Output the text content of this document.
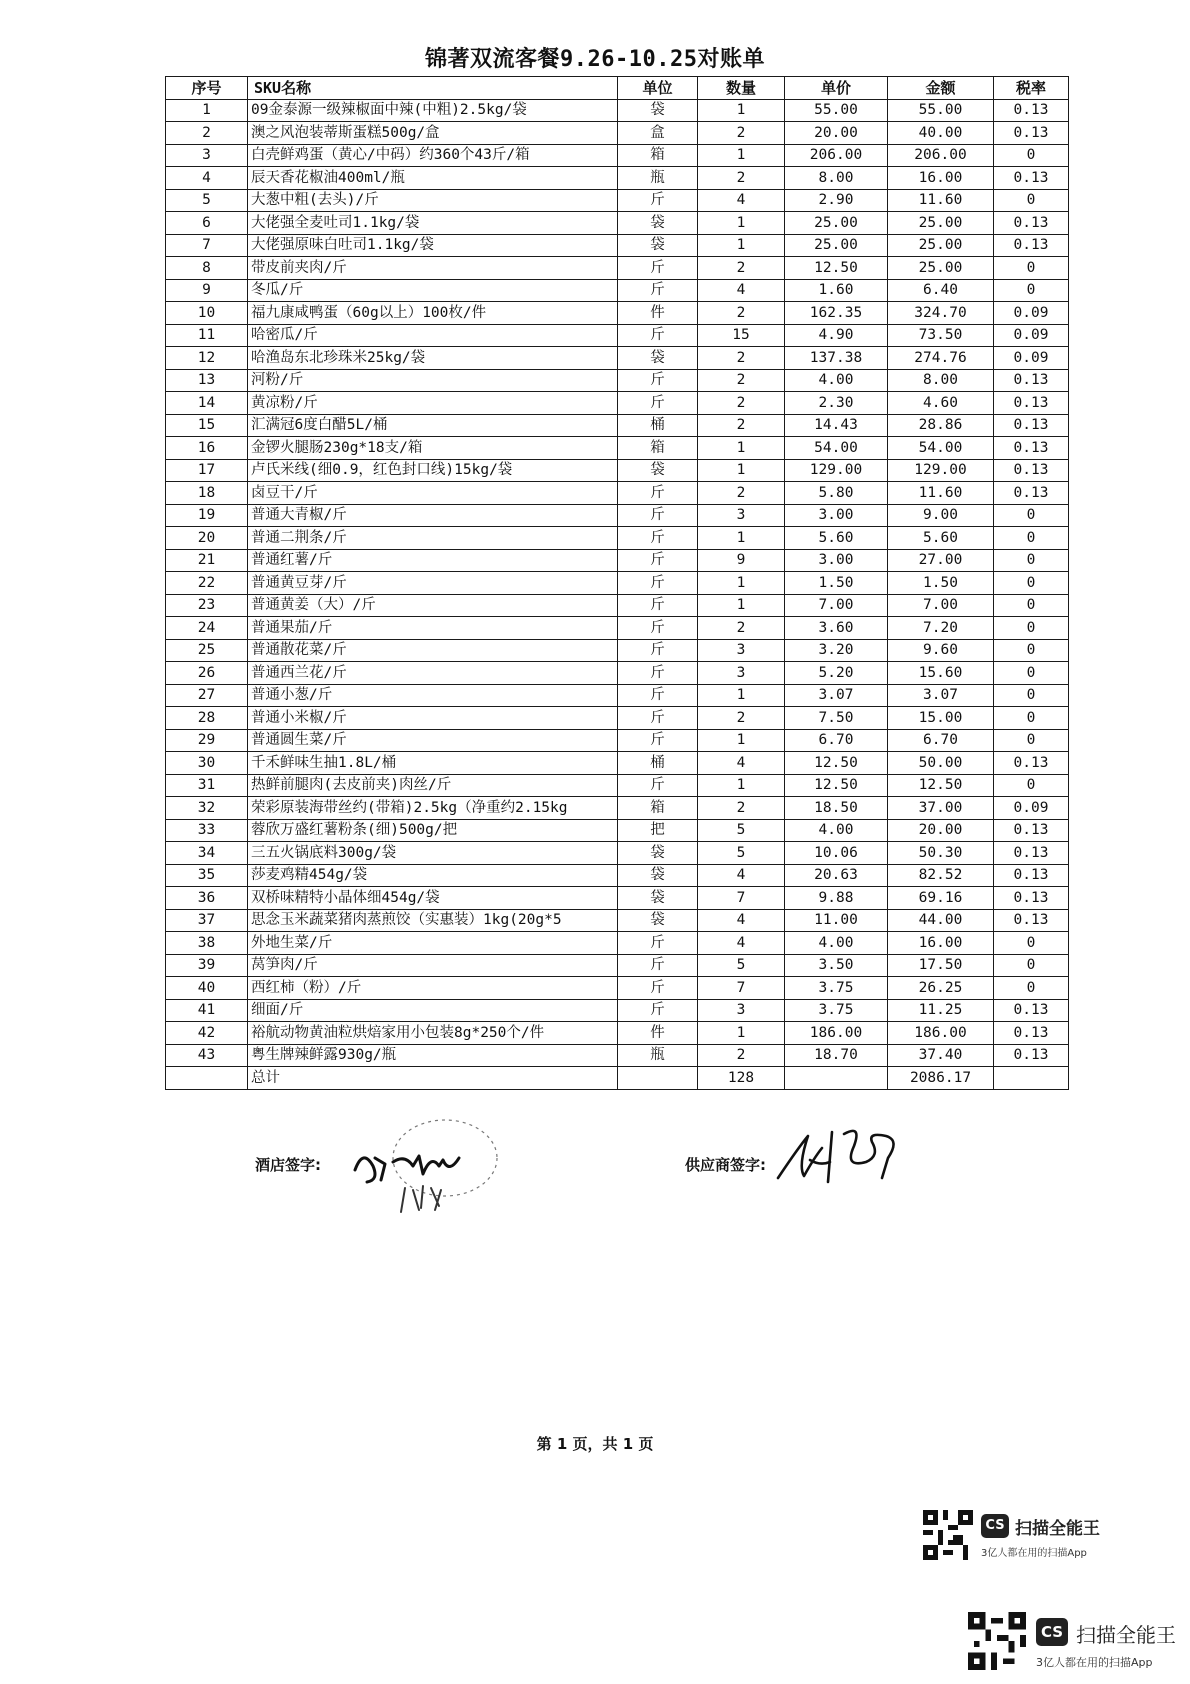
锦著双流客餐9.26-10.25对账单
序号	SKU名称	单位	数量	单价	金额	税率
1	09金泰源一级辣椒面中辣(中粗)2.5kg/袋	袋	1	55.00	55.00	0.13
2	澳之风泡装蒂斯蛋糕500g/盒	盒	2	20.00	40.00	0.13
3	白壳鲜鸡蛋（黄心/中码）约360个43斤/箱	箱	1	206.00	206.00	0
4	辰天香花椒油400ml/瓶	瓶	2	8.00	16.00	0.13
5	大葱中粗(去头)/斤	斤	4	2.90	11.60	0
6	大佬强全麦吐司1.1kg/袋	袋	1	25.00	25.00	0.13
7	大佬强原味白吐司1.1kg/袋	袋	1	25.00	25.00	0.13
8	带皮前夹肉/斤	斤	2	12.50	25.00	0
9	冬瓜/斤	斤	4	1.60	6.40	0
10	福九康咸鸭蛋（60g以上）100枚/件	件	2	162.35	324.70	0.09
11	哈密瓜/斤	斤	15	4.90	73.50	0.09
12	哈渔岛东北珍珠米25kg/袋	袋	2	137.38	274.76	0.09
13	河粉/斤	斤	2	4.00	8.00	0.13
14	黄凉粉/斤	斤	2	2.30	4.60	0.13
15	汇满冠6度白醋5L/桶	桶	2	14.43	28.86	0.13
16	金锣火腿肠230g*18支/箱	箱	1	54.00	54.00	0.13
17	卢氏米线(细0.9，红色封口线)15kg/袋	袋	1	129.00	129.00	0.13
18	卤豆干/斤	斤	2	5.80	11.60	0.13
19	普通大青椒/斤	斤	3	3.00	9.00	0
20	普通二荆条/斤	斤	1	5.60	5.60	0
21	普通红薯/斤	斤	9	3.00	27.00	0
22	普通黄豆芽/斤	斤	1	1.50	1.50	0
23	普通黄姜（大）/斤	斤	1	7.00	7.00	0
24	普通果茄/斤	斤	2	3.60	7.20	0
25	普通散花菜/斤	斤	3	3.20	9.60	0
26	普通西兰花/斤	斤	3	5.20	15.60	0
27	普通小葱/斤	斤	1	3.07	3.07	0
28	普通小米椒/斤	斤	2	7.50	15.00	0
29	普通圆生菜/斤	斤	1	6.70	6.70	0
30	千禾鲜味生抽1.8L/桶	桶	4	12.50	50.00	0.13
31	热鲜前腿肉(去皮前夹)肉丝/斤	斤	1	12.50	12.50	0
32	荣彩原装海带丝约(带箱)2.5kg（净重约2.15kg	箱	2	18.50	37.00	0.09
33	蓉欣万盛红薯粉条(细)500g/把	把	5	4.00	20.00	0.13
34	三五火锅底料300g/袋	袋	5	10.06	50.30	0.13
35	莎麦鸡精454g/袋	袋	4	20.63	82.52	0.13
36	双桥味精特小晶体细454g/袋	袋	7	9.88	69.16	0.13
37	思念玉米蔬菜猪肉蒸煎饺（实惠装）1kg(20g*5	袋	4	11.00	44.00	0.13
38	外地生菜/斤	斤	4	4.00	16.00	0
39	莴笋肉/斤	斤	5	3.50	17.50	0
40	西红柿（粉）/斤	斤	7	3.75	26.25	0
41	细面/斤	斤	3	3.75	11.25	0.13
42	裕航动物黄油粒烘焙家用小包装8g*250个/件	件	1	186.00	186.00	0.13
43	粤生牌辣鲜露930g/瓶	瓶	2	18.70	37.40	0.13
	总计		128		2086.17	
酒店签字:	供应商签字:
第 1 页，共 1 页
CS 扫描全能王
3亿人都在用的扫描App
CS 扫描全能王
3亿人都在用的扫描App
